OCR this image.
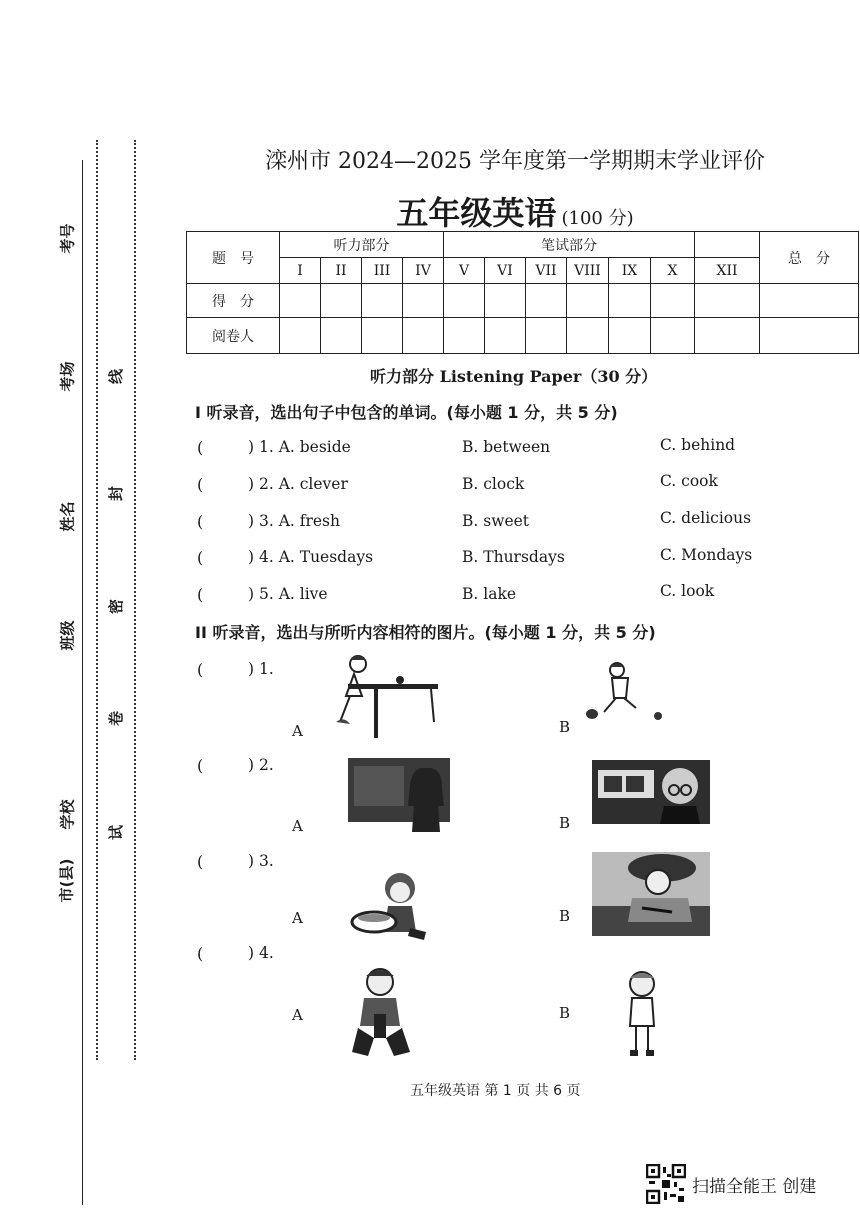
考号
考场
姓名
班级
学校
市(县)
线
封
密
卷
试
滦州市 2024—2025 学年度第一学期期末学业评价
五年级英语 (100 分)
题　号	听力部分				笔试部分							总　分
	I	II	III	IV	V	VI	VII	VIII	IX	X	XII	
得　分												
阅卷人												
听力部分 Listening Paper（30 分）
I 听录音，选出句子中包含的单词。(每小题 1 分，共 5 分)
(	) 1. A. beside	B. between	C. behind
(	) 2. A. clever	B. clock	C. cook
(	) 3. A. fresh	B. sweet	C. delicious
(	) 4. A. Tuesdays	B. Thursdays	C. Mondays
(	) 5. A. live	B. lake	C. look
II 听录音，选出与所听内容相符的图片。(每小题 1 分，共 5 分)
(	) 1.
A	B
(	) 2.
A	B
(	) 3.
A	B
(	) 4.
A	B
五年级英语 第 1 页 共 6 页
扫描全能王 创建
